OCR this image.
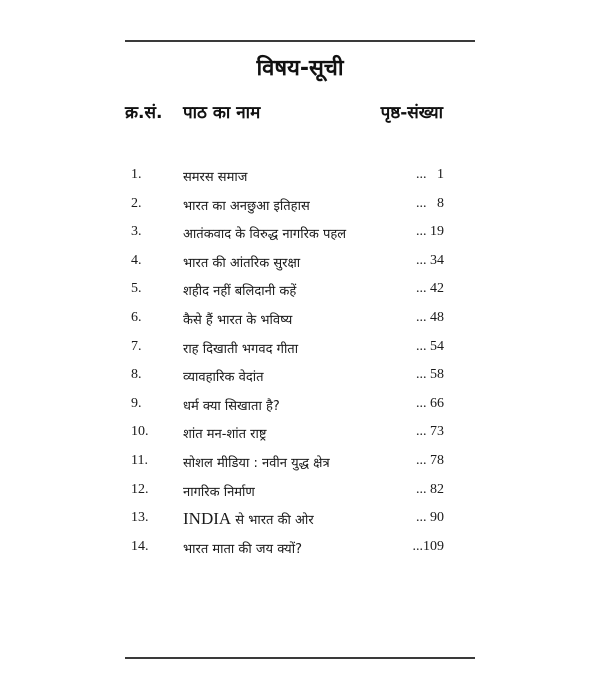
विषय-सूची
क्र.सं. पाठ का नाम	पृष्ठ-संख्या
1.	समरस समाज	...   1
2.	भारत का अनछुआ इतिहास	...   8
3.	आतंकवाद के विरुद्ध नागरिक पहल	... 19
4.	भारत की आंतरिक सुरक्षा	... 34
5.	शहीद नहीं बलिदानी कहें	... 42
6.	कैसे हैं भारत के भविष्य	... 48
7.	राह दिखाती भगवद गीता	... 54
8.	व्यावहारिक वेदांत	... 58
9.	धर्म क्या सिखाता है?	... 66
10.	शांत मन-शांत राष्ट्र	... 73
11.	सोशल मीडिया : नवीन युद्ध क्षेत्र	... 78
12.	नागरिक निर्माण	... 82
13. INDIA से भारत की ओर	... 90
14.	भारत माता की जय क्यों?	...109
